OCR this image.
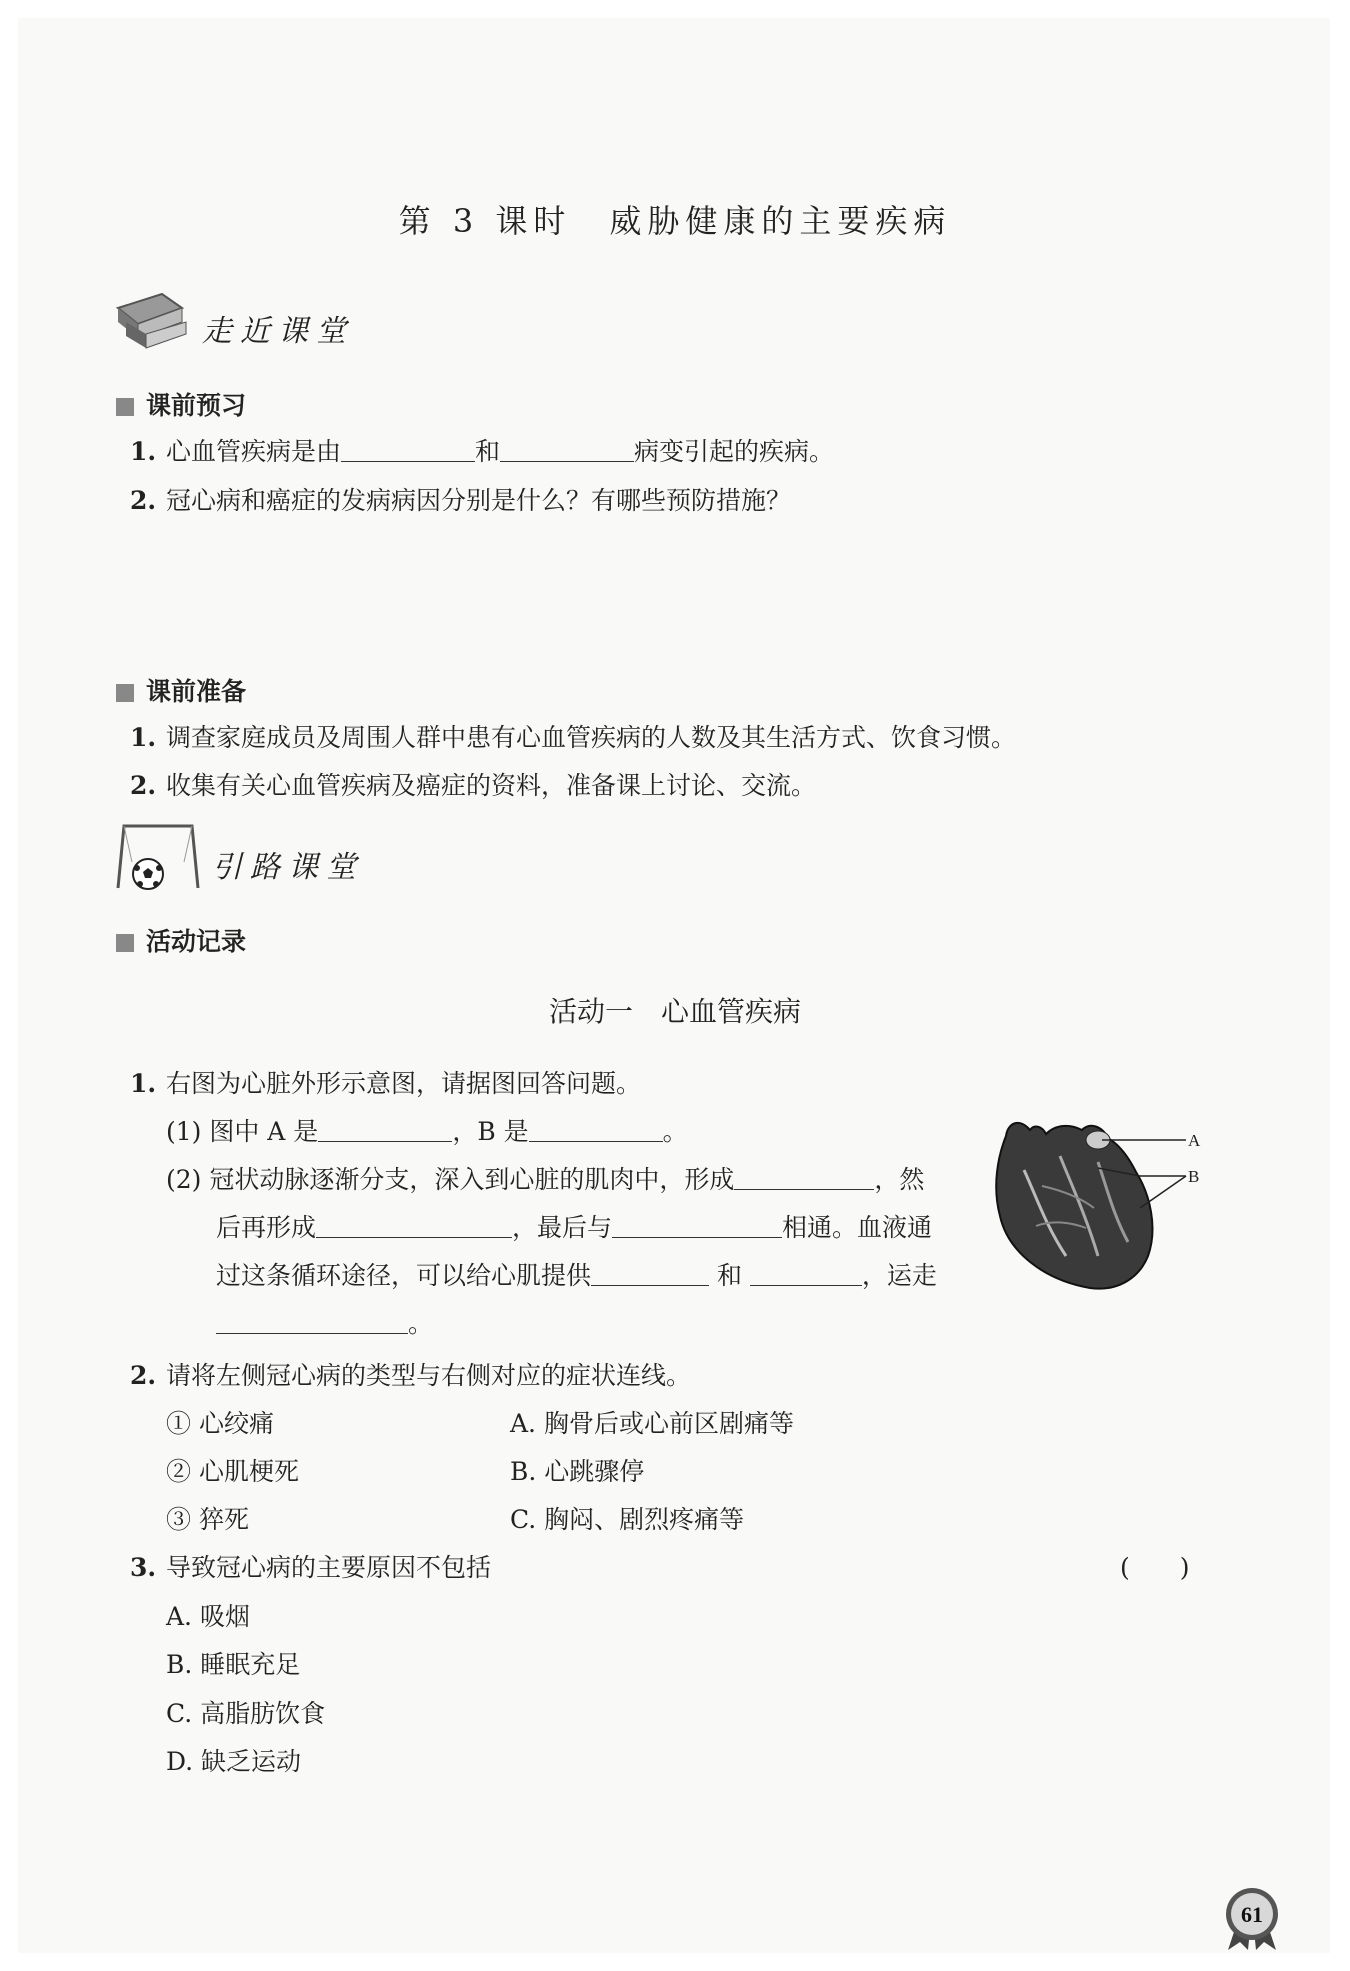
第 3 课时　威胁健康的主要疾病
走近课堂
课前预习
1. 心血管疾病是由	和	病变引起的疾病。
2. 冠心病和癌症的发病病因分别是什么？有哪些预防措施？
课前准备
1. 调查家庭成员及周围人群中患有心血管疾病的人数及其生活方式、饮食习惯。
2. 收集有关心血管疾病及癌症的资料，准备课上讨论、交流。
引路课堂
活动记录
活动一　心血管疾病
1. 右图为心脏外形示意图，请据图回答问题。
(1) 图中 A 是	，B 是	。
(2) 冠状动脉逐渐分支，深入到心脏的肌肉中，形成	，然
后再形成	，最后与	相通。血液通
过这条循环途径，可以给心肌提供	和	，运走
。
A
B
2. 请将左侧冠心病的类型与右侧对应的症状连线。
① 心绞痛	A. 胸骨后或心前区剧痛等
② 心肌梗死	B. 心跳骤停
③ 猝死	C. 胸闷、剧烈疼痛等
3. 导致冠心病的主要原因不包括	(　　)
A. 吸烟
B. 睡眠充足
C. 高脂肪饮食
D. 缺乏运动
61
